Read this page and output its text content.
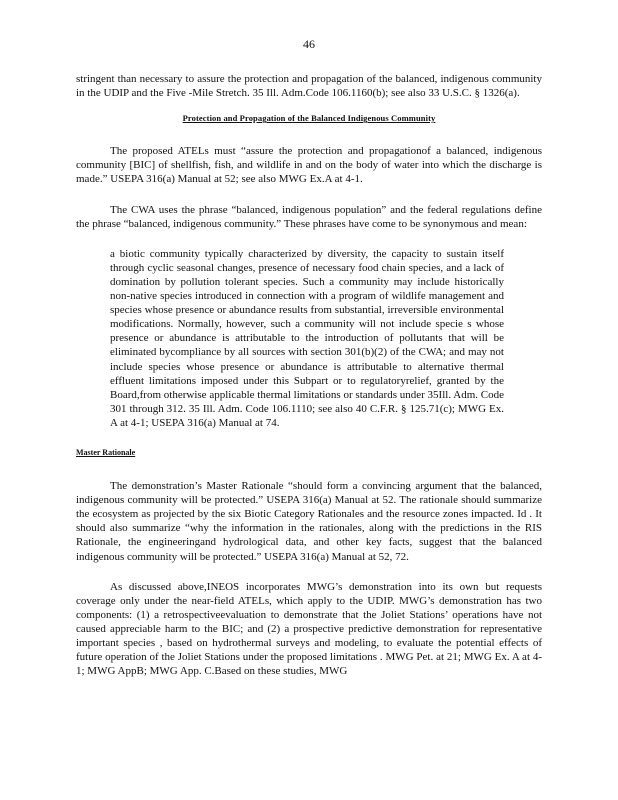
46

stringent than necessary to assure the protection and propagation of the balanced, indigenous community in the UDIP and the Five -Mile Stretch. 35 Ill. Adm.Code 106.1160(b); see also 33 U.S.C. § 1326(a).

Protection and Propagation of the Balanced Indigenous Community

The proposed ATELs must “assure the protection and propagationof a balanced, indigenous community [BIC] of shellfish, fish, and wildlife in and on the body of water into which the discharge is made.” USEPA 316(a) Manual at 52; see also MWG Ex.A at 4-1.

The CWA uses the phrase “balanced, indigenous population” and the federal regulations define the phrase “balanced, indigenous community.” These phrases have come to be synonymous and mean:

a biotic community typically characterized by diversity, the capacity to sustain itself through cyclic seasonal changes, presence of necessary food chain species, and a lack of domination by pollution tolerant species. Such a community may include historically non-native species introduced in connection with a program of wildlife management and species whose presence or abundance results from substantial, irreversible environmental modifications. Normally, however, such a community will not include specie s whose presence or abundance is attributable to the introduction of pollutants that will be eliminated bycompliance by all sources with section 301(b)(2) of the CWA; and may not include species whose presence or abundance is attributable to alternative thermal effluent limitations imposed under this Subpart or to regulatoryrelief, granted by the Board,from otherwise applicable thermal limitations or standards under 35Ill. Adm. Code 301 through 312. 35 Ill. Adm. Code 106.1110; see also 40 C.F.R. § 125.71(c); MWG Ex. A at 4-1; USEPA 316(a) Manual at 74.

Master Rationale

The demonstration’s Master Rationale “should form a convincing argument that the balanced, indigenous community will be protected.” USEPA 316(a) Manual at 52. The rationale should summarize the ecosystem as projected by the six Biotic Category Rationales and the resource zones impacted. Id . It should also summarize “why the information in the rationales, along with the predictions in the RIS Rationale, the engineeringand hydrological data, and other key facts, suggest that the balanced indigenous community will be protected.” USEPA 316(a) Manual at 52, 72.

As discussed above,INEOS incorporates MWG’s demonstration into its own but requests coverage only under the near-field ATELs, which apply to the UDIP. MWG’s demonstration has two components: (1) a retrospectiveevaluation to demonstrate that the Joliet Stations’ operations have not caused appreciable harm to the BIC; and (2) a prospective predictive demonstration for representative important species , based on hydrothermal surveys and modeling, to evaluate the potential effects of future operation of the Joliet Stations under the proposed limitations . MWG Pet. at 21; MWG Ex. A at 4-1; MWG AppB; MWG App. C.Based on these studies, MWG
